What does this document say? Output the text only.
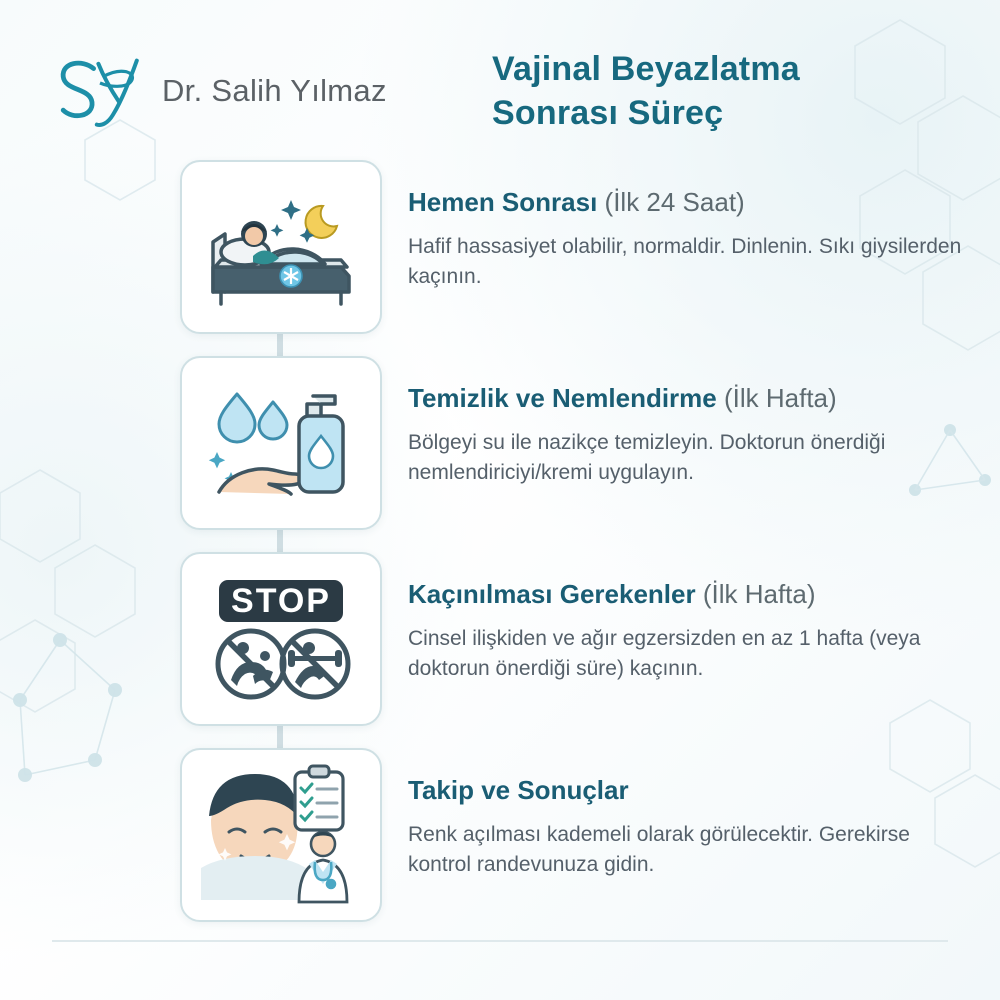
Dr. Salih Yılmaz
Vajinal Beyazlatma
Sonrası Süreç
Hemen Sonrası (İlk 24 Saat)
Hafif hassasiyet olabilir, normaldir. Dinlenin. Sıkı giysilerden kaçının.
Temizlik ve Nemlendirme (İlk Hafta)
Bölgeyi su ile nazikçe temizleyin. Doktorun önerdiği nemlendiriciyi/kremi uygulayın.
STOP	Kaçınılması Gerekenler (İlk Hafta)
Cinsel ilişkiden ve ağır egzersizden en az 1 hafta (veya doktorun önerdiği süre) kaçının.
Takip ve Sonuçlar
Renk açılması kademeli olarak görülecektir. Gerekirse kontrol randevunuza gidin.
